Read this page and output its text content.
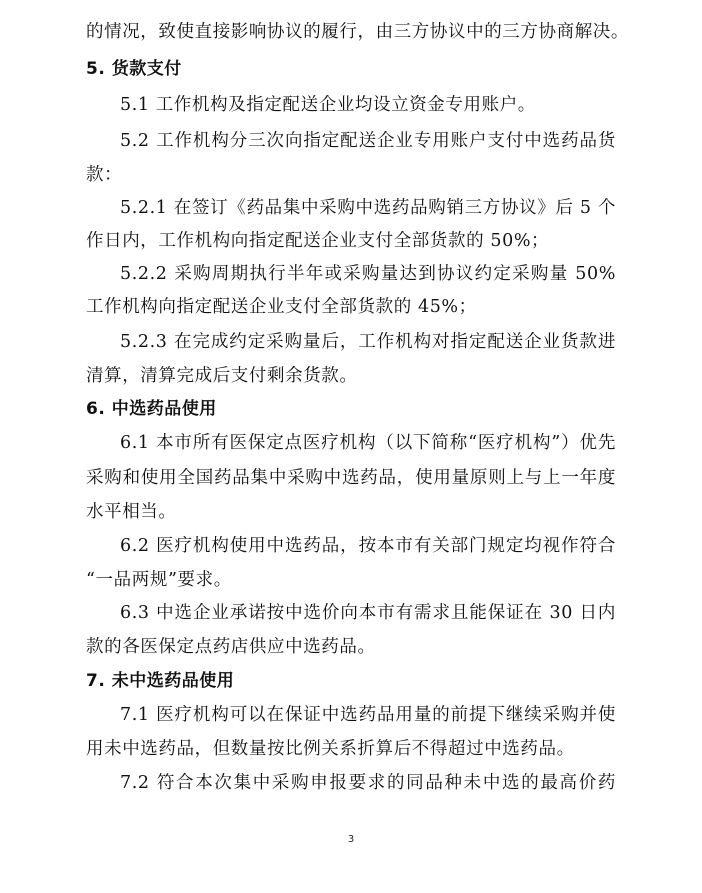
的情况，致使直接影响协议的履行，由三方协议中的三方协商解决。
5. 货款支付
5.1 工作机构及指定配送企业均设立资金专用账户。
5.2 工作机构分三次向指定配送企业专用账户支付中选药品货
款：
5.2.1 在签订《药品集中采购中选药品购销三方协议》后 5 个
作日内，工作机构向指定配送企业支付全部货款的 50%；
5.2.2 采购周期执行半年或采购量达到协议约定采购量 50%
工作机构向指定配送企业支付全部货款的 45%；
5.2.3 在完成约定采购量后，工作机构对指定配送企业货款进
清算，清算完成后支付剩余货款。
6. 中选药品使用
6.1 本市所有医保定点医疗机构（以下简称“医疗机构”）优先
采购和使用全国药品集中采购中选药品，使用量原则上与上一年度
水平相当。
6.2 医疗机构使用中选药品，按本市有关部门规定均视作符合
“一品两规”要求。
6.3 中选企业承诺按中选价向本市有需求且能保证在 30 日内
款的各医保定点药店供应中选药品。
7. 未中选药品使用
7.1 医疗机构可以在保证中选药品用量的前提下继续采购并使
用未中选药品，但数量按比例关系折算后不得超过中选药品。
7.2 符合本次集中采购申报要求的同品种未中选的最高价药
3
